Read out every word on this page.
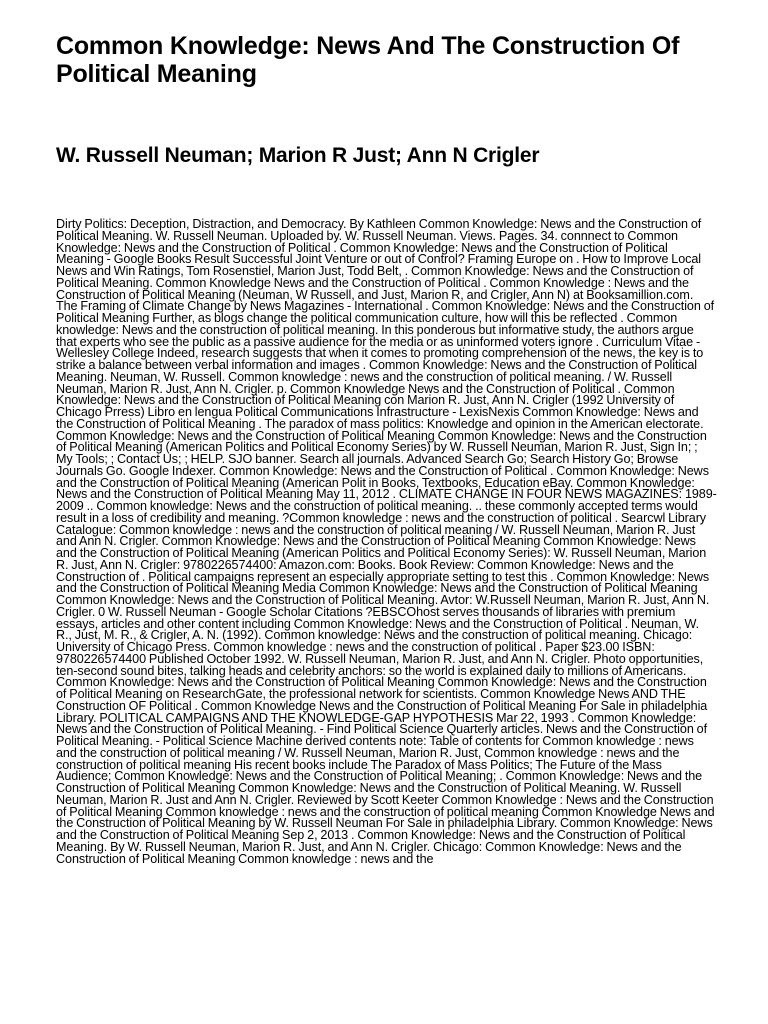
Common Knowledge: News And The Construction Of Political Meaning
W. Russell Neuman; Marion R Just; Ann N Crigler

Dirty Politics: Deception, Distraction, and Democracy. By Kathleen Common Knowledge: News and the Construction of Political Meaning. W. Russell Neuman. Uploaded by. W. Russell Neuman. Views. Pages. 34. connnect to Common Knowledge: News and the Construction of Political . Common Knowledge: News and the Construction of Political Meaning - Google Books Result Successful Joint Venture or out of Control? Framing Europe on . How to Improve Local News and Win Ratings, Tom Rosenstiel, Marion Just, Todd Belt, . Common Knowledge: News and the Construction of Political Meaning. Common Knowledge News and the Construction of Political . Common Knowledge : News and the Construction of Political Meaning (Neuman, W Russell, and Just, Marion R, and Crigler, Ann N) at Booksamillion.com. The Framing of Climate Change by News Magazines - International . Common Knowledge: News and the Construction of Political Meaning Further, as blogs change the political communication culture, how will this be reflected . Common knowledge: News and the construction of political meaning. In this ponderous but informative study, the authors argue that experts who see the public as a passive audience for the media or as uninformed voters ignore . Curriculum Vitae - Wellesley College Indeed, research suggests that when it comes to promoting comprehension of the news, the key is to strike a balance between verbal information and images . Common Knowledge: News and the Construction of Political Meaning. Neuman, W. Russell. Common knowledge : news and the construction of political meaning. / W. Russell Neuman, Marion R. Just, Ann N. Crigler. p. Common Knowledge News and the Construction of Political . Common Knowledge: News and the Construction of Political Meaning con Marion R. Just, Ann N. Crigler (1992 University of Chicago Prress) Libro en lengua Political Communications Infrastructure - LexisNexis Common Knowledge: News and the Construction of Political Meaning . The paradox of mass politics: Knowledge and opinion in the American electorate. Common Knowledge: News and the Construction of Political Meaning Common Knowledge: News and the Construction of Political Meaning (American Politics and Political Economy Series) by W. Russell Neuman, Marion R. Just, Sign In; ; My Tools; ; Contact Us; ; HELP. SJO banner. Search all journals. Advanced Search Go; Search History Go; Browse Journals Go. Google Indexer. Common Knowledge: News and the Construction of Political . Common Knowledge: News and the Construction of Political Meaning (American Polit in Books, Textbooks, Education eBay. Common Knowledge: News and the Construction of Political Meaning May 11, 2012 . CLIMATE CHANGE IN FOUR NEWS MAGAZINES: 1989-2009 .. Common knowledge: News and the construction of political meaning. .. these commonly accepted terms would result in a loss of credibility and meaning. ?Common knowledge : news and the construction of political . Searcwl Library Catalogue: Common knowledge : news and the construction of political meaning / W. Russell Neuman, Marion R. Just and Ann N. Crigler. Common Knowledge: News and the Construction of Political Meaning Common Knowledge: News and the Construction of Political Meaning (American Politics and Political Economy Series): W. Russell Neuman, Marion R. Just, Ann N. Crigler: 9780226574400: Amazon.com: Books. Book Review: Common Knowledge: News and the Construction of . Political campaigns represent an especially appropriate setting to test this . Common Knowledge: News and the Construction of Political Meaning Media Common Knowledge: News and the Construction of Political Meaning Common Knowledge: News and the Construction of Political Meaning. Avtor: W.Russell Neuman, Marion R. Just, Ann N. Crigler. 0 W. Russell Neuman - Google Scholar Citations ?EBSCOhost serves thousands of libraries with premium essays, articles and other content including Common Knowledge: News and the Construction of Political . Neuman, W. R., Just, M. R., & Crigler, A. N. (1992). Common knowledge: News and the construction of political meaning. Chicago: University of Chicago Press. Common knowledge : news and the construction of political . Paper $23.00 ISBN: 9780226574400 Published October 1992. W. Russell Neuman, Marion R. Just, and Ann N. Crigler. Photo opportunities, ten-second sound bites, talking heads and celebrity anchors: so the world is explained daily to millions of Americans. Common Knowledge: News and the Construction of Political Meaning Common Knowledge: News and the Construction of Political Meaning on ResearchGate, the professional network for scientists. Common Knowledge News AND THE Construction OF Political . Common Knowledge News and the Construction of Political Meaning For Sale in philadelphia Library. POLITICAL CAMPAIGNS AND THE KNOWLEDGE-GAP HYPOTHESIS Mar 22, 1993 . Common Knowledge: News and the Construction of Political Meaning. - Find Political Science Quarterly articles. News and the Construction of Political Meaning. - Political Science Machine derived contents note: Table of contents for Common knowledge : news and the construction of political meaning / W. Russell Neuman, Marion R. Just, Common knowledge : news and the construction of political meaning His recent books include The Paradox of Mass Politics; The Future of the Mass Audience; Common Knowledge: News and the Construction of Political Meaning; . Common Knowledge: News and the Construction of Political Meaning Common Knowledge: News and the Construction of Political Meaning. W. Russell Neuman, Marion R. Just and Ann N. Crigler. Reviewed by Scott Keeter Common Knowledge : News and the Construction of Political Meaning Common knowledge : news and the construction of political meaning Common Knowledge News and the Construction of Political Meaning by W. Russell Neuman For Sale in philadelphia Library. Common Knowledge: News and the Construction of Political Meaning Sep 2, 2013 . Common Knowledge: News and the Construction of Political Meaning. By W. Russell Neuman, Marion R. Just, and Ann N. Crigler. Chicago: Common Knowledge: News and the Construction of Political Meaning Common knowledge : news and the
